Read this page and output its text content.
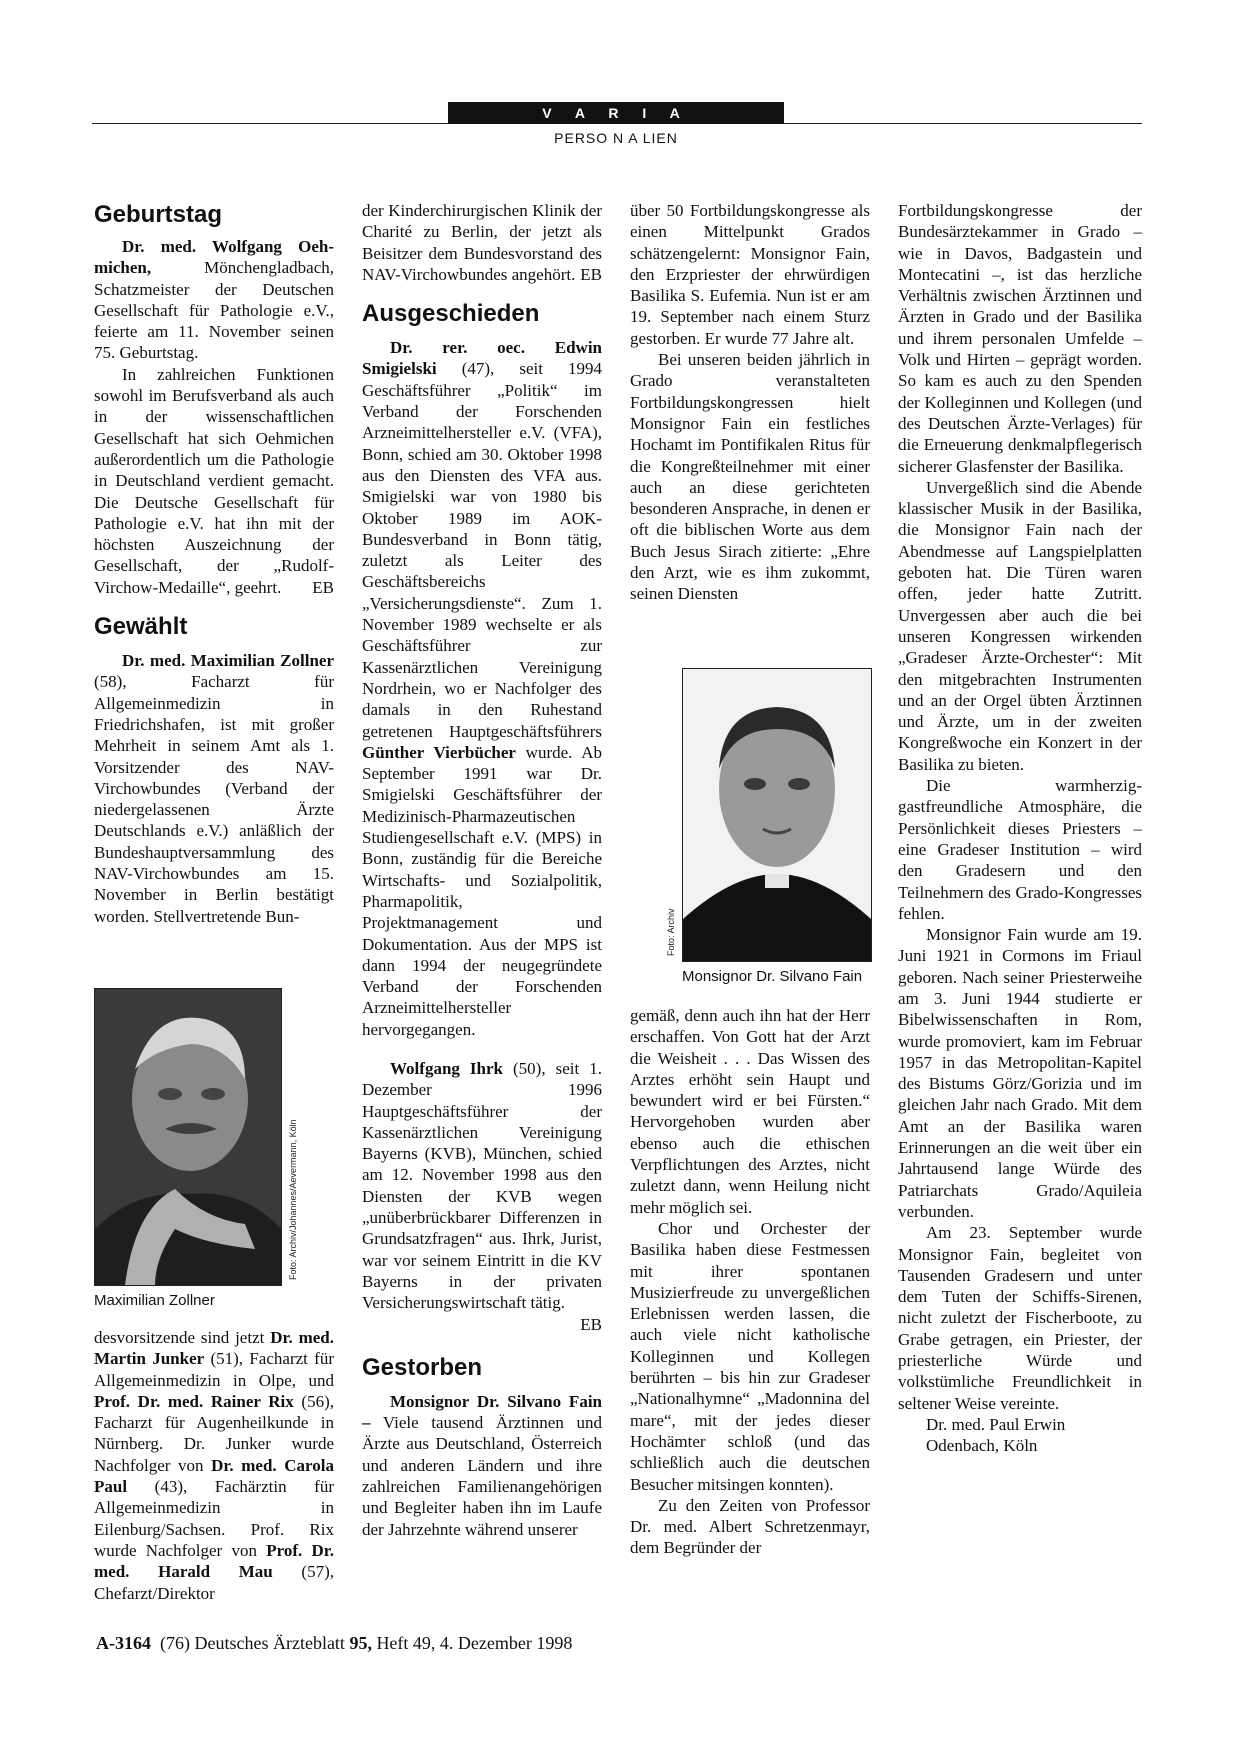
V A R I A
PERSO N A LIEN
Geburtstag

Dr. med. Wolfgang Oeh-michen, Mönchengladbach, Schatzmeister der Deutschen Gesellschaft für Pathologie e.V., feierte am 11. November seinen 75. Geburtstag.

In zahlreichen Funktionen sowohl im Berufsverband als auch in der wissenschaftlichen Gesellschaft hat sich Oehmichen außerordentlich um die Pathologie in Deutschland verdient gemacht. Die Deutsche Gesellschaft für Pathologie e.V. hat ihn mit der höchsten Auszeichnung der Gesellschaft, der „Rudolf-Virchow-Medaille“, geehrt.	EB

Gewählt

Dr. med. Maximilian Zollner (58), Facharzt für Allgemeinmedizin in Friedrichshafen, ist mit großer Mehrheit in seinem Amt als 1. Vorsitzender des NAV-Virchowbundes (Verband der niedergelassenen Ärzte Deutschlands e.V.) anläßlich der Bundeshauptversammlung des NAV-Virchowbundes am 15. November in Berlin bestätigt worden. Stellvertretende Bun-

Foto: Archiv/Johannes/Aevermann, Köln
Maximilian Zollner

desvorsitzende sind jetzt Dr. med. Martin Junker (51), Facharzt für Allgemeinmedizin in Olpe, und Prof. Dr. med. Rainer Rix (56), Facharzt für Augenheilkunde in Nürnberg. Dr. Junker wurde Nachfolger von Dr. med. Carola Paul (43), Fachärztin für Allgemeinmedizin in Eilenburg/Sachsen. Prof. Rix wurde Nachfolger von Prof. Dr. med. Harald Mau (57), Chefarzt/Direktor

der Kinderchirurgischen Klinik der Charité zu Berlin, der jetzt als Beisitzer dem Bundesvorstand des NAV-Virchowbundes angehört. EB

Ausgeschieden

Dr. rer. oec. Edwin Smigielski (47), seit 1994 Geschäftsführer „Politik“ im Verband der Forschenden Arzneimittelhersteller e.V. (VFA), Bonn, schied am 30. Oktober 1998 aus den Diensten des VFA aus. Smigielski war von 1980 bis Oktober 1989 im AOK-Bundesverband in Bonn tätig, zuletzt als Leiter des Geschäftsbereichs „Versicherungsdienste“. Zum 1. November 1989 wechselte er als Geschäftsführer zur Kassenärztlichen Vereinigung Nordrhein, wo er Nachfolger des damals in den Ruhestand getretenen Hauptgeschäftsführers Günther Vierbücher wurde. Ab September 1991 war Dr. Smigielski Geschäftsführer der Medizinisch-Pharmazeutischen Studiengesellschaft e.V. (MPS) in Bonn, zuständig für die Bereiche Wirtschafts- und Sozialpolitik, Pharmapolitik, Projektmanagement und Dokumentation. Aus der MPS ist dann 1994 der neugegründete Verband der Forschenden Arzneimittelhersteller hervorgegangen.

Wolfgang Ihrk (50), seit 1. Dezember 1996 Hauptgeschäftsführer der Kassenärztlichen Vereinigung Bayerns (KVB), München, schied am 12. November 1998 aus den Diensten der KVB wegen „unüberbrückbarer Differenzen in Grundsatzfragen“ aus. Ihrk, Jurist, war vor seinem Eintritt in die KV Bayerns in der privaten Versicherungswirtschaft tätig.
EB

Gestorben

Monsignor Dr. Silvano Fain – Viele tausend Ärztinnen und Ärzte aus Deutschland, Österreich und anderen Ländern und ihre zahlreichen Familienangehörigen und Begleiter haben ihn im Laufe der Jahrzehnte während unserer

über 50 Fortbildungskongresse als einen Mittelpunkt Grados schätzengelernt: Monsignor Fain, den Erzpriester der ehrwürdigen Basilika S. Eufemia. Nun ist er am 19. September nach einem Sturz gestorben. Er wurde 77 Jahre alt.

Bei unseren beiden jährlich in Grado veranstalteten Fortbildungskongressen hielt Monsignor Fain ein festliches Hochamt im Pontifikalen Ritus für die Kongreßteilnehmer mit einer auch an diese gerichteten besonderen Ansprache, in denen er oft die biblischen Worte aus dem Buch Jesus Sirach zitierte: „Ehre den Arzt, wie es ihm zukommt, seinen Diensten

Foto: Archiv
Monsignor Dr. Silvano Fain

gemäß, denn auch ihn hat der Herr erschaffen. Von Gott hat der Arzt die Weisheit . . . Das Wissen des Arztes erhöht sein Haupt und bewundert wird er bei Fürsten.“ Hervorgehoben wurden aber ebenso auch die ethischen Verpflichtungen des Arztes, nicht zuletzt dann, wenn Heilung nicht mehr möglich sei.

Chor und Orchester der Basilika haben diese Festmessen mit ihrer spontanen Musizierfreude zu unvergeßlichen Erlebnissen werden lassen, die auch viele nicht katholische Kolleginnen und Kollegen berührten – bis hin zur Gradeser „Nationalhymne“ „Madonnina del mare“, mit der jedes dieser Hochämter schloß (und das schließlich auch die deutschen Besucher mitsingen konnten).

Zu den Zeiten von Professor Dr. med. Albert Schretzenmayr, dem Begründer der

Fortbildungskongresse der Bundesärztekammer in Grado – wie in Davos, Badgastein und Montecatini –, ist das herzliche Verhältnis zwischen Ärztinnen und Ärzten in Grado und der Basilika und ihrem personalen Umfelde – Volk und Hirten – geprägt worden. So kam es auch zu den Spenden der Kolleginnen und Kollegen (und des Deutschen Ärzte-Verlages) für die Erneuerung denkmalpflegerisch sicherer Glasfenster der Basilika.

Unvergeßlich sind die Abende klassischer Musik in der Basilika, die Monsignor Fain nach der Abendmesse auf Langspielplatten geboten hat. Die Türen waren offen, jeder hatte Zutritt. Unvergessen aber auch die bei unseren Kongressen wirkenden „Gradeser Ärzte-Orchester“: Mit den mitgebrachten Instrumenten und an der Orgel übten Ärztinnen und Ärzte, um in der zweiten Kongreßwoche ein Konzert in der Basilika zu bieten.

Die warmherzig-gastfreundliche Atmosphäre, die Persönlichkeit dieses Priesters – eine Gradeser Institution – wird den Gradesern und den Teilnehmern des Grado-Kongresses fehlen.

Monsignor Fain wurde am 19. Juni 1921 in Cormons im Friaul geboren. Nach seiner Priesterweihe am 3. Juni 1944 studierte er Bibelwissenschaften in Rom, wurde promoviert, kam im Februar 1957 in das Metropolitan-Kapitel des Bistums Görz/Gorizia und im gleichen Jahr nach Grado. Mit dem Amt an der Basilika waren Erinnerungen an die weit über ein Jahrtausend lange Würde des Patriarchats Grado/Aquileia verbunden.

Am 23. September wurde Monsignor Fain, begleitet von Tausenden Gradesern und unter dem Tuten der Schiffs-Sirenen, nicht zuletzt der Fischerboote, zu Grabe getragen, ein Priester, der priesterliche Würde und volkstümliche Freundlichkeit in seltener Weise vereinte.

Dr. med. Paul Erwin
Odenbach, Köln
A-3164  (76) Deutsches Ärzteblatt 95, Heft 49, 4. Dezember 1998
